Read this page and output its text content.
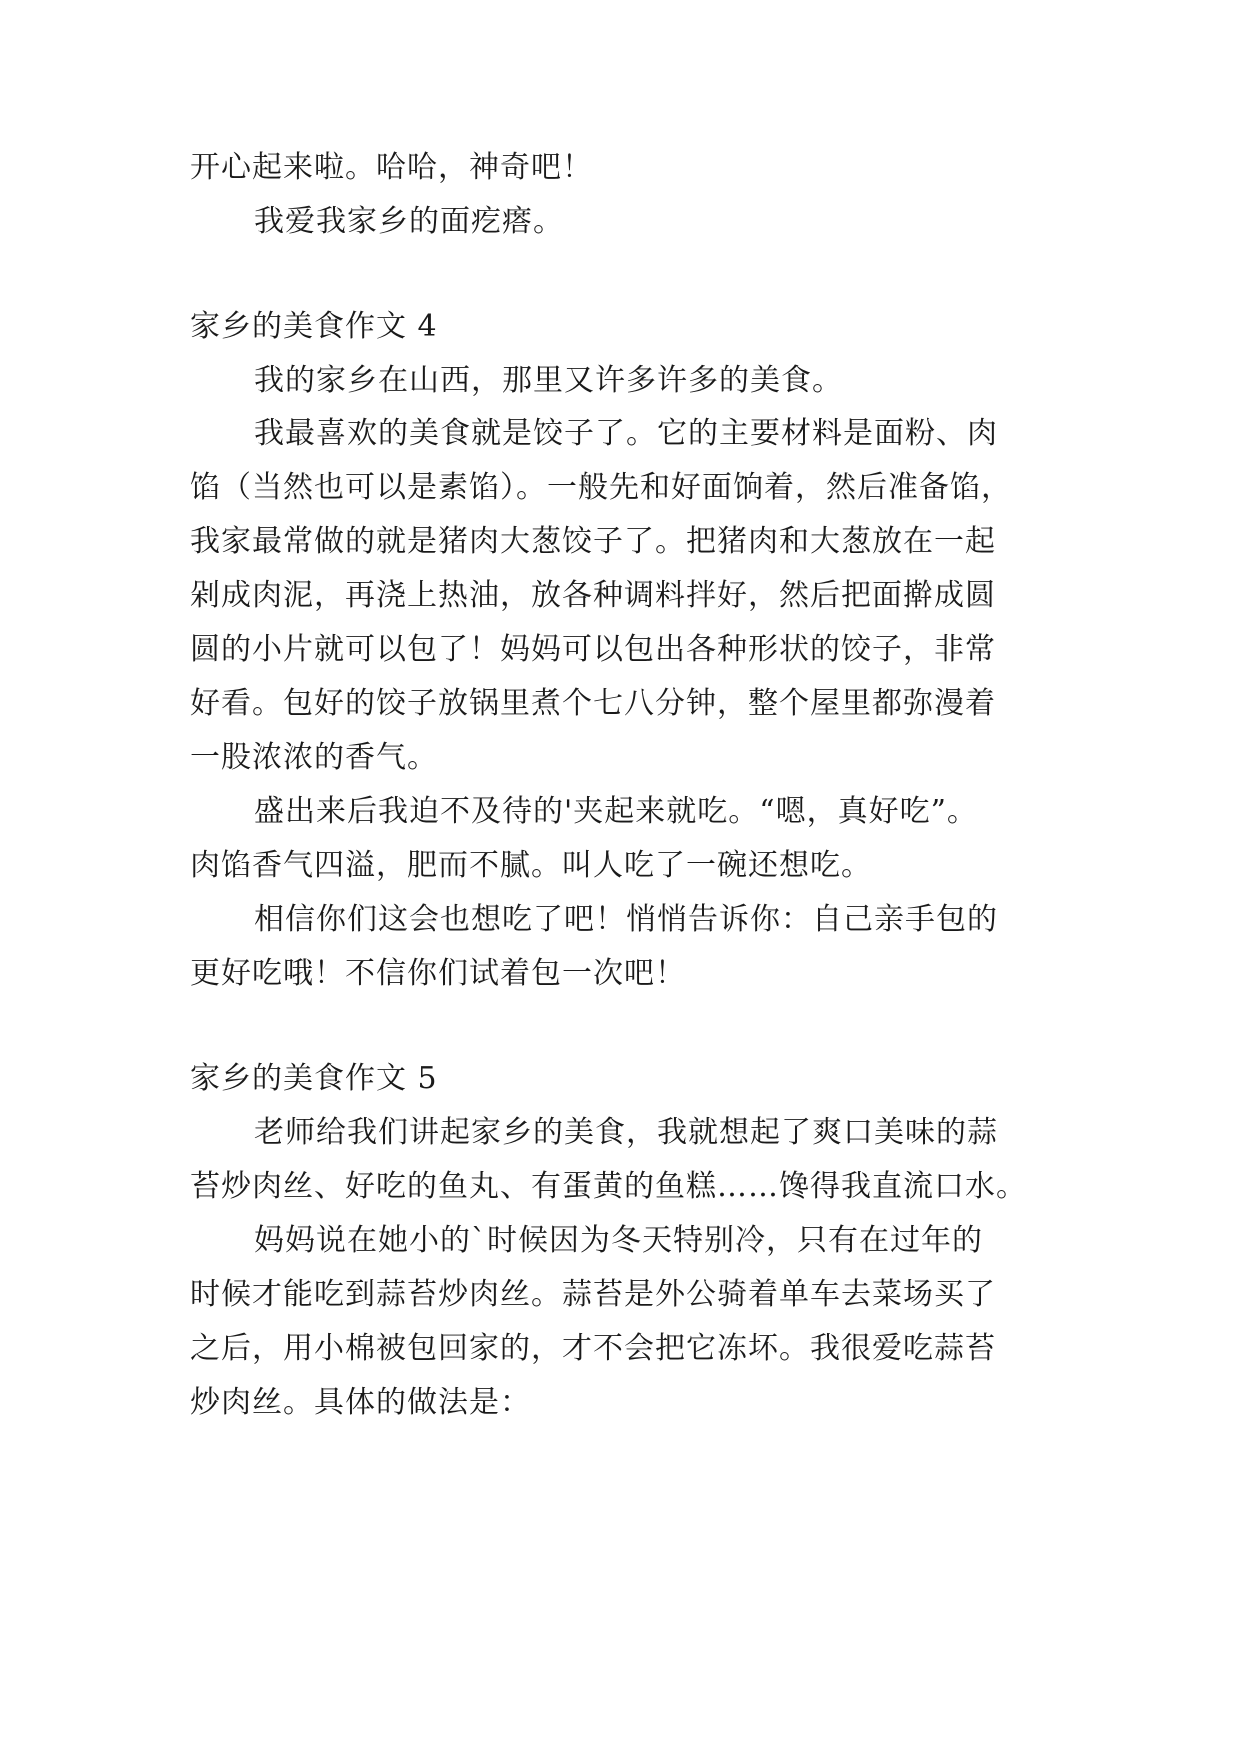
开心起来啦。哈哈，神奇吧！
我爱我家乡的面疙瘩。
家乡的美食作文 4
我的家乡在山西，那里又许多许多的美食。
我最喜欢的美食就是饺子了。它的主要材料是面粉、肉
馅（当然也可以是素馅）。一般先和好面饷着，然后准备馅，
我家最常做的就是猪肉大葱饺子了。把猪肉和大葱放在一起
剁成肉泥，再浇上热油，放各种调料拌好，然后把面擀成圆
圆的小片就可以包了！妈妈可以包出各种形状的饺子，非常
好看。包好的饺子放锅里煮个七八分钟，整个屋里都弥漫着
一股浓浓的香气。
盛出来后我迫不及待的'夹起来就吃。“嗯，真好吃”。
肉馅香气四溢，肥而不腻。叫人吃了一碗还想吃。
相信你们这会也想吃了吧！悄悄告诉你：自己亲手包的
更好吃哦！不信你们试着包一次吧！
家乡的美食作文 5
老师给我们讲起家乡的美食，我就想起了爽口美味的蒜
苔炒肉丝、好吃的鱼丸、有蛋黄的鱼糕……馋得我直流口水。
妈妈说在她小的`时候因为冬天特别冷，只有在过年的
时候才能吃到蒜苔炒肉丝。蒜苔是外公骑着单车去菜场买了
之后，用小棉被包回家的，才不会把它冻坏。我很爱吃蒜苔
炒肉丝。具体的做法是：
